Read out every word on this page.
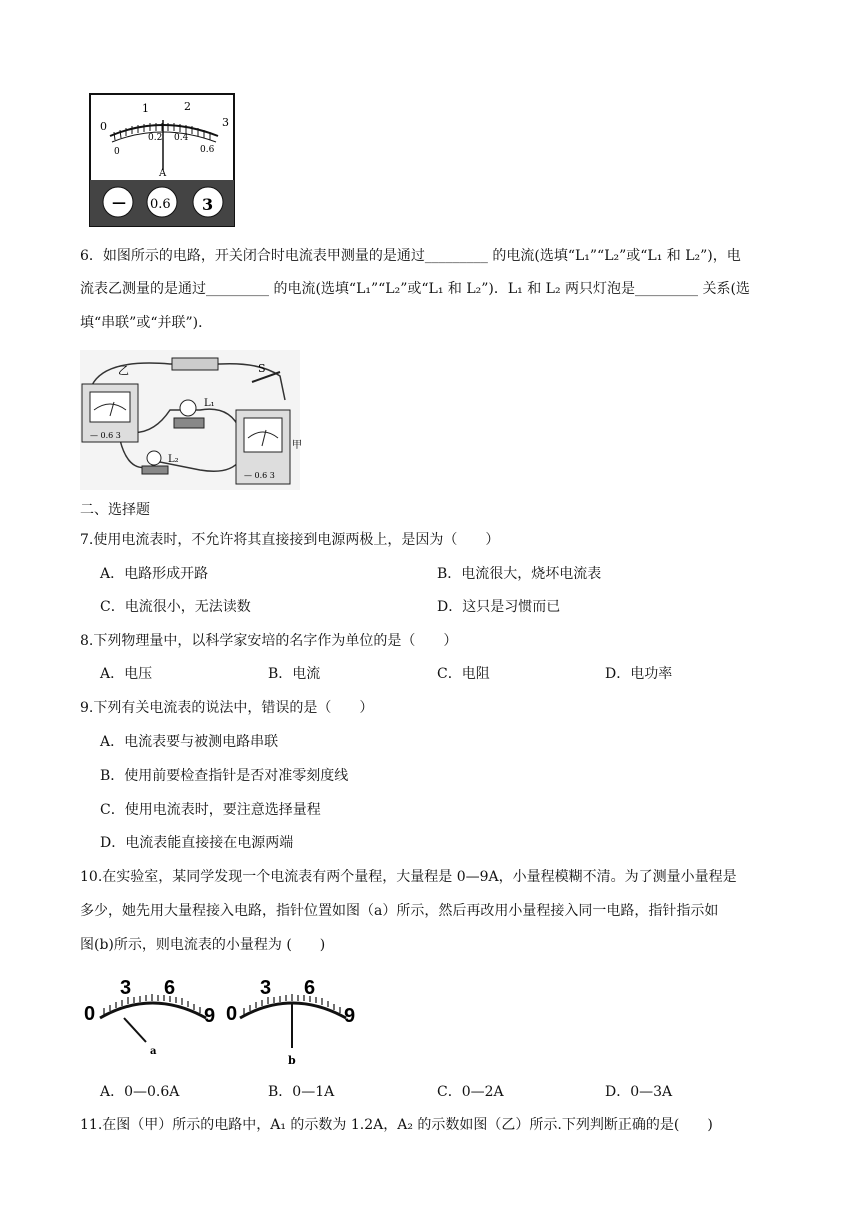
0
1	2
3
0
0.2 0.4
0.6
A
— 0.6 3
6．如图所示的电路，开关闭合时电流表甲测量的是通过_________ 的电流(选填“L₁”“L₂”或“L₁ 和 L₂”)，电
流表乙测量的是通过_________ 的电流(选填“L₁”“L₂”或“L₁ 和 L₂”)．L₁ 和 L₂ 两只灯泡是_________ 关系(选
填“串联”或“并联”)．
— 0.6 3
乙	S
L₁
L₂
— 0.6 3
甲
二、选择题
7.使用电流表时，不允许将其直接接到电源两极上，是因为（　　）
A．电路形成开路	B．电流很大，烧坏电流表
C．电流很小，无法读数	D．这只是习惯而已
8.下列物理量中，以科学家安培的名字作为单位的是（　　）
A．电压	B．电流	C．电阻	D．电功率
9.下列有关电流表的说法中，错误的是（　　）
A．电流表要与被测电路串联
B．使用前要检查指针是否对准零刻度线
C．使用电流表时，要注意选择量程
D．电流表能直接接在电源两端
10.在实验室，某同学发现一个电流表有两个量程，大量程是 0—9A，小量程模糊不清。为了测量小量程是
多少，她先用大量程接入电路，指针位置如图（a）所示，然后再改用小量程接入同一电路，指针指示如
图(b)所示，则电流表的小量程为 (　　)
0
3 6
9
a
0
3 6
9
b
A．0—0.6A	B．0—1A	C．0—2A	D．0—3A
11.在图（甲）所示的电路中，A₁ 的示数为 1.2A，A₂ 的示数如图（乙）所示.下列判断正确的是(　　)
